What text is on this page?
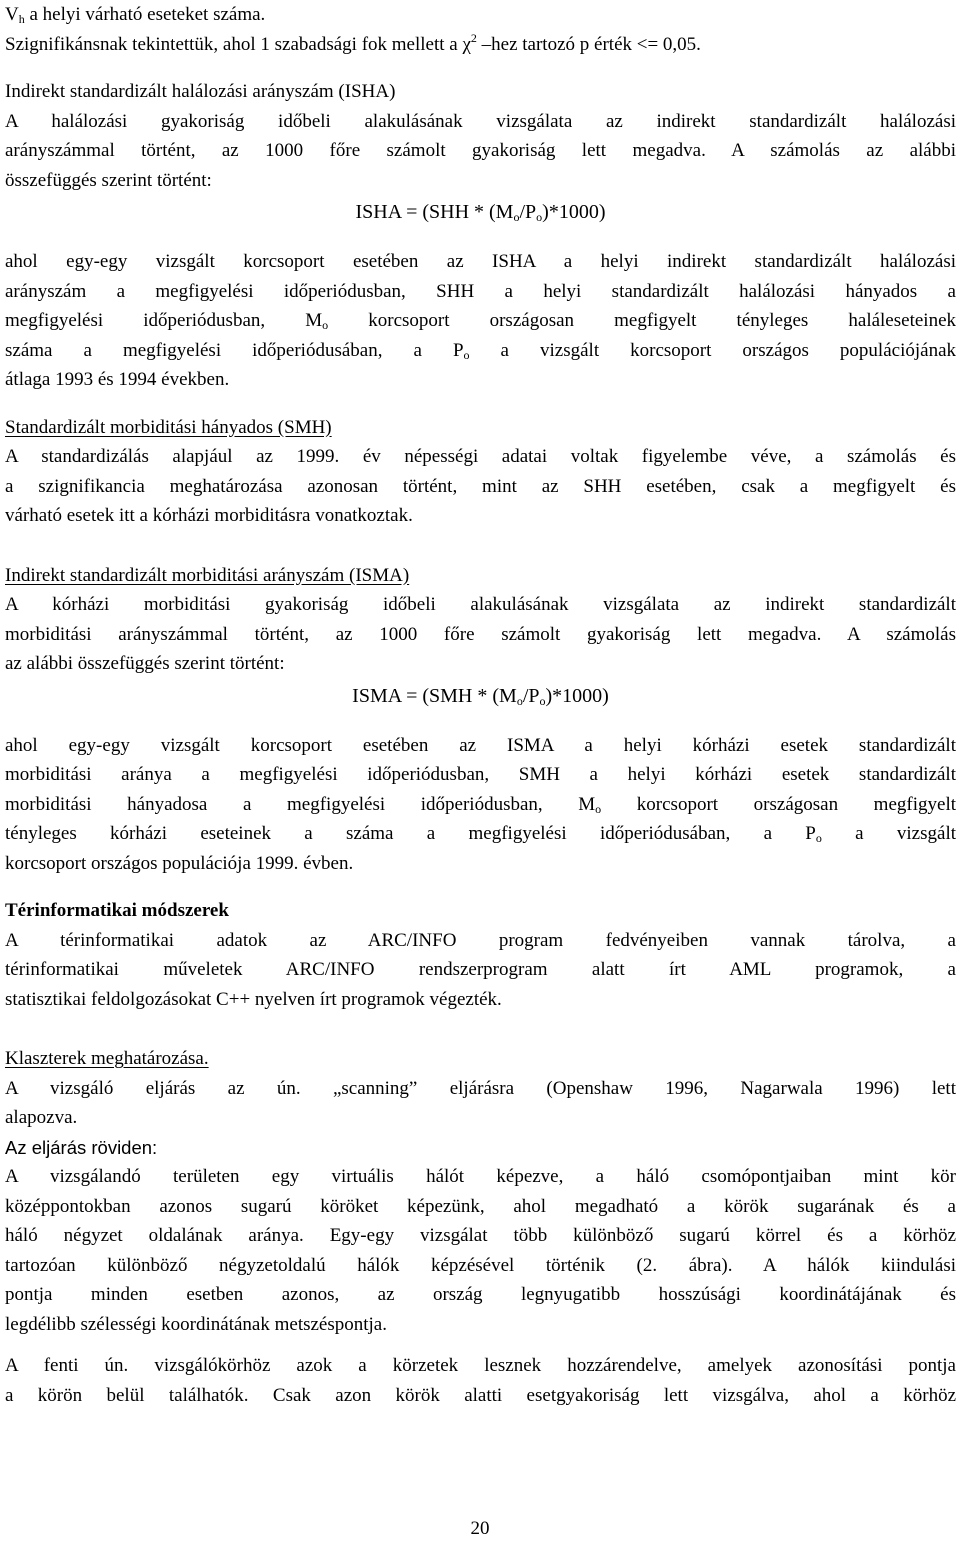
$V_h$ a helyi várható eseteket száma.
Szignifikánsnak tekintettük, ahol 1 szabadsági fok mellett a $\chi^2$ –hez tartozó p érték <= 0,05.
Indirekt standardizált halálozási arányszám (ISHA)
A halálozási gyakoriság időbeli alakulásának vizsgálata az indirekt standardizált halálozási
arányszámmal történt, az 1000 főre számolt gyakoriság lett megadva. A számolás az alábbi
összefüggés szerint történt:
ISHA = $(SHH * (M_o/P_o)*1000)$
ahol egy-egy vizsgált korcsoport esetében az ISHA a helyi indirekt standardizált halálozási
arányszám a megfigyelési időperiódusban, SHH a helyi standardizált halálozási hányados a
megfigyelési időperiódusban, $M_o$ korcsoport országosan megfigyelt tényleges haláleseteinek
száma a megfigyelési időperiódusában, a $P_o$ a vizsgált korcsoport országos populációjának
átlaga 1993 és 1994 években.
Standardizált morbiditási hányados (SMH)
A standardizálás alapjául az 1999. év népességi adatai voltak figyelembe véve, a számolás és
a szignifikancia meghatározása azonosan történt, mint az SHH esetében, csak a megfigyelt és
várható esetek itt a kórházi morbiditásra vonatkoztak.
Indirekt standardizált morbiditási arányszám (ISMA)
A kórházi morbiditási gyakoriság időbeli alakulásának vizsgálata az indirekt standardizált
morbiditási arányszámmal történt, az 1000 főre számolt gyakoriság lett megadva. A számolás
az alábbi összefüggés szerint történt:
ISMA = $(SMH * (M_o/P_o)*1000)$
ahol egy-egy vizsgált korcsoport esetében az ISMA a helyi kórházi esetek standardizált
morbiditási aránya a megfigyelési időperiódusban, SMH a helyi kórházi esetek standardizált
morbiditási hányadosa a megfigyelési időperiódusban, $M_o$ korcsoport országosan megfigyelt
tényleges kórházi eseteinek a száma a megfigyelési időperiódusában, a $P_o$ a vizsgált
korcsoport országos populációja 1999. évben.
Térinformatikai módszerek
A térinformatikai adatok az ARC/INFO program fedvényeiben vannak tárolva, a
térinformatikai műveletek ARC/INFO rendszerprogram alatt írt AML programok, a
statisztikai feldolgozásokat C++ nyelven írt programok végezték.
Klaszterek meghatározása.
A vizsgáló eljárás az ún. „scanning” eljárásra (Openshaw 1996, Nagarwala 1996) lett
alapozva.
Az eljárás röviden:
A vizsgálandó területen egy virtuális hálót képezve, a háló csomópontjaiban mint kör
középpontokban azonos sugarú köröket képezünk, ahol megadható a körök sugarának és a
háló négyzet oldalának aránya. Egy-egy vizsgálat több különböző sugarú körrel és a körhöz
tartozóan különböző négyzetoldalú hálók képzésével történik (2. ábra). A hálók kiindulási
pontja minden esetben azonos, az ország legnyugatibb hosszúsági koordinátájának és
legdélibb szélességi koordinátának metszéspontja.
A fenti ún. vizsgálókörhöz azok a körzetek lesznek hozzárendelve, amelyek azonosítási pontja
a körön belül találhatók. Csak azon körök alatti esetgyakoriság lett vizsgálva, ahol a körhöz
20
